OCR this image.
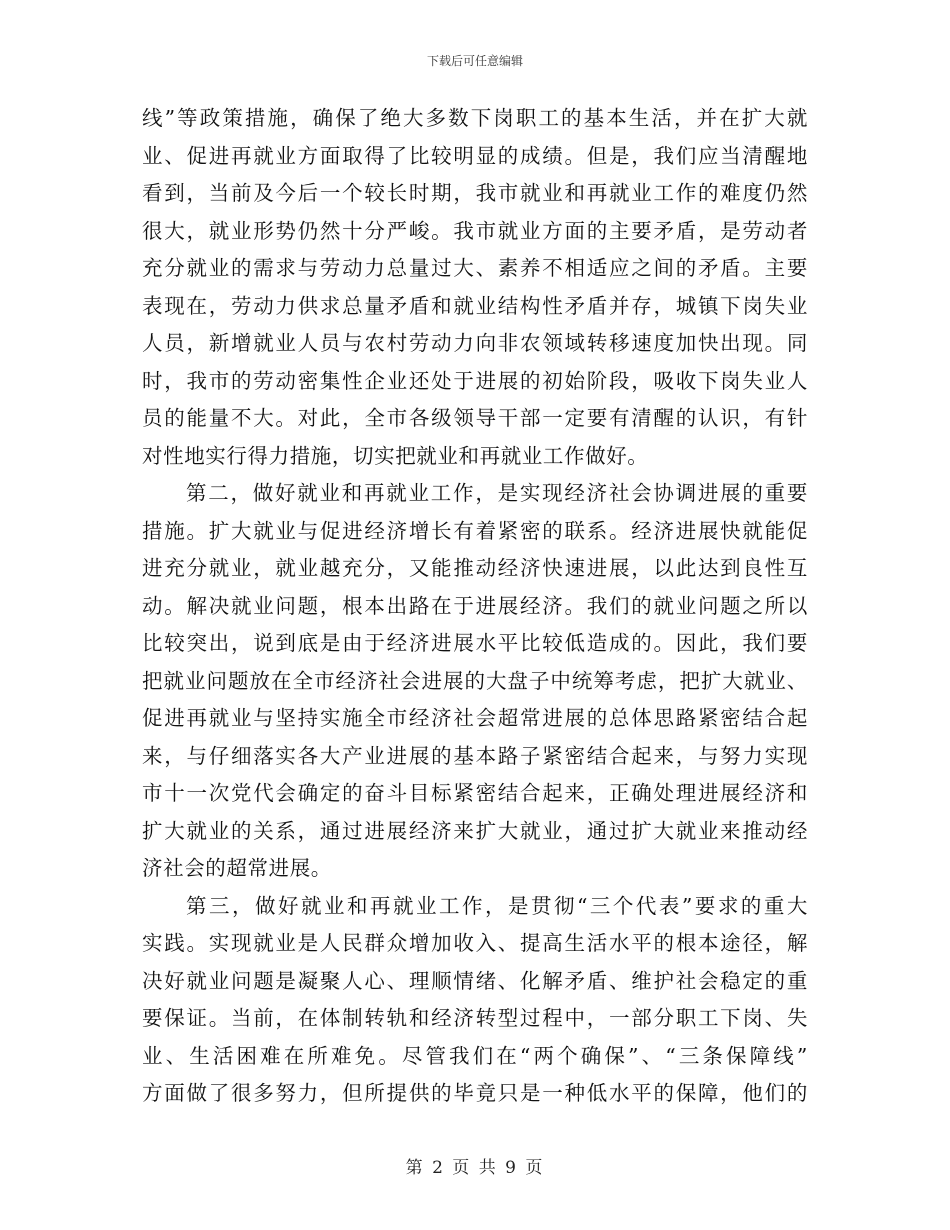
下载后可任意编辑
线”等政策措施，确保了绝大多数下岗职工的基本生活，并在扩大就
业、促进再就业方面取得了比较明显的成绩。但是，我们应当清醒地
看到，当前及今后一个较长时期，我市就业和再就业工作的难度仍然
很大，就业形势仍然十分严峻。我市就业方面的主要矛盾，是劳动者
充分就业的需求与劳动力总量过大、素养不相适应之间的矛盾。主要
表现在，劳动力供求总量矛盾和就业结构性矛盾并存，城镇下岗失业
人员，新增就业人员与农村劳动力向非农领域转移速度加快出现。同
时，我市的劳动密集性企业还处于进展的初始阶段，吸收下岗失业人
员的能量不大。对此，全市各级领导干部一定要有清醒的认识，有针
对性地实行得力措施，切实把就业和再就业工作做好。
第二，做好就业和再就业工作，是实现经济社会协调进展的重要
措施。扩大就业与促进经济增长有着紧密的联系。经济进展快就能促
进充分就业，就业越充分，又能推动经济快速进展，以此达到良性互
动。解决就业问题，根本出路在于进展经济。我们的就业问题之所以
比较突出，说到底是由于经济进展水平比较低造成的。因此，我们要
把就业问题放在全市经济社会进展的大盘子中统筹考虑，把扩大就业、
促进再就业与坚持实施全市经济社会超常进展的总体思路紧密结合起
来，与仔细落实各大产业进展的基本路子紧密结合起来，与努力实现
市十一次党代会确定的奋斗目标紧密结合起来，正确处理进展经济和
扩大就业的关系，通过进展经济来扩大就业，通过扩大就业来推动经
济社会的超常进展。
第三，做好就业和再就业工作，是贯彻“三个代表”要求的重大
实践。实现就业是人民群众增加收入、提高生活水平的根本途径，解
决好就业问题是凝聚人心、理顺情绪、化解矛盾、维护社会稳定的重
要保证。当前，在体制转轨和经济转型过程中，一部分职工下岗、失
业、生活困难在所难免。尽管我们在“两个确保”、“三条保障线”
方面做了很多努力，但所提供的毕竟只是一种低水平的保障，他们的
第 2 页 共 9 页
